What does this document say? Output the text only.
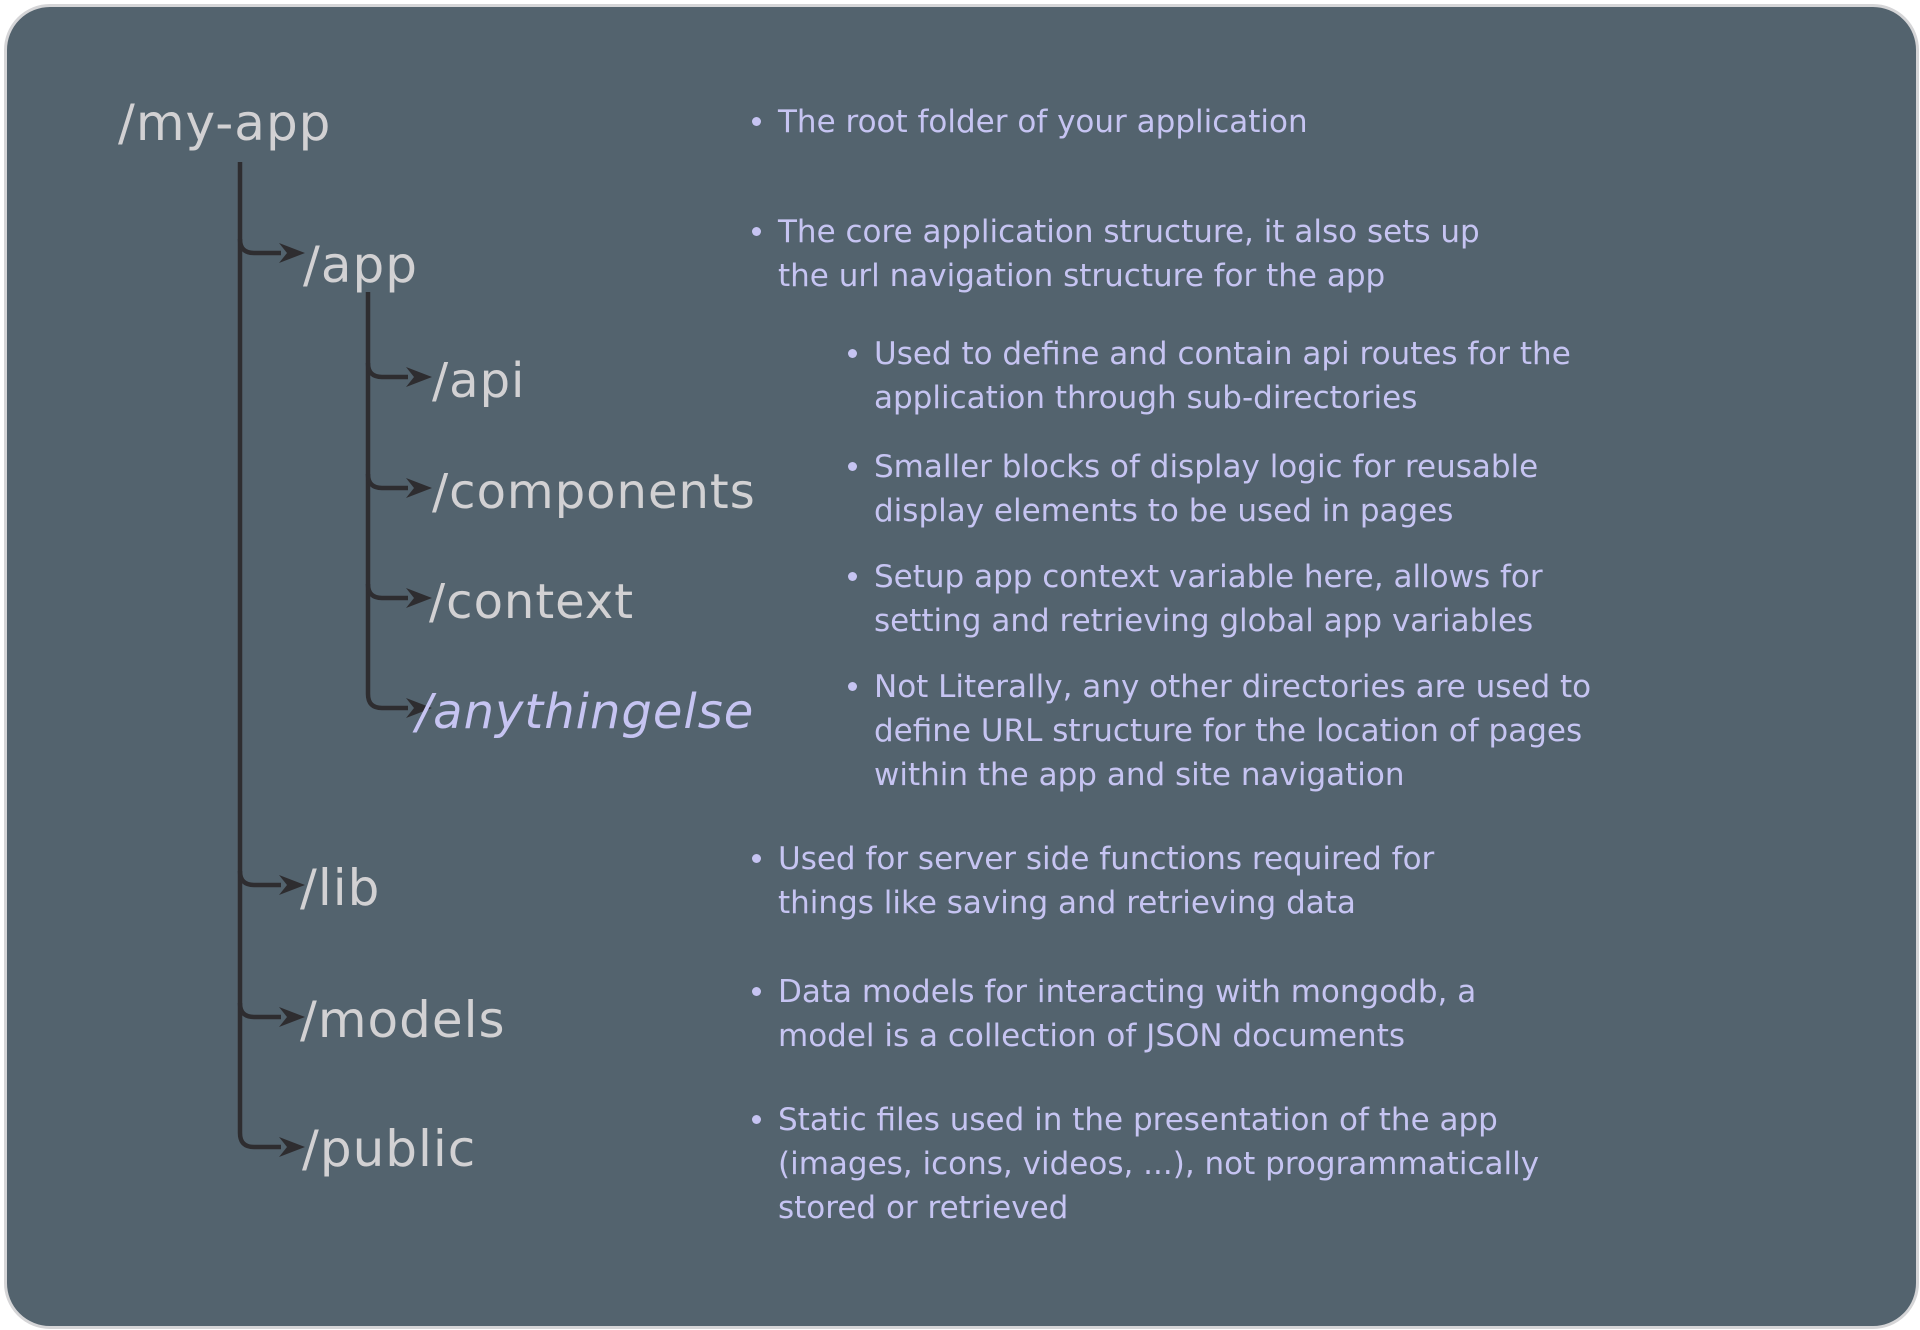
/my-app
/app
/api
/components
/context
/anythingelse
/lib
/models
/public
The root folder of your application
The core application structure, it also sets up
the url navigation structure for the app
Used to define and contain api routes for the
application through sub-directories
Smaller blocks of display logic for reusable
display elements to be used in pages
Setup app context variable here, allows for
setting and retrieving global app variables
Not Literally, any other directories are used to
define URL structure for the location of pages
within the app and site navigation
Used for server side functions required for
things like saving and retrieving data
Data models for interacting with mongodb, a
model is a collection of JSON documents
Static files used in the presentation of the app
(images, icons, videos, ...), not programmatically
stored or retrieved
